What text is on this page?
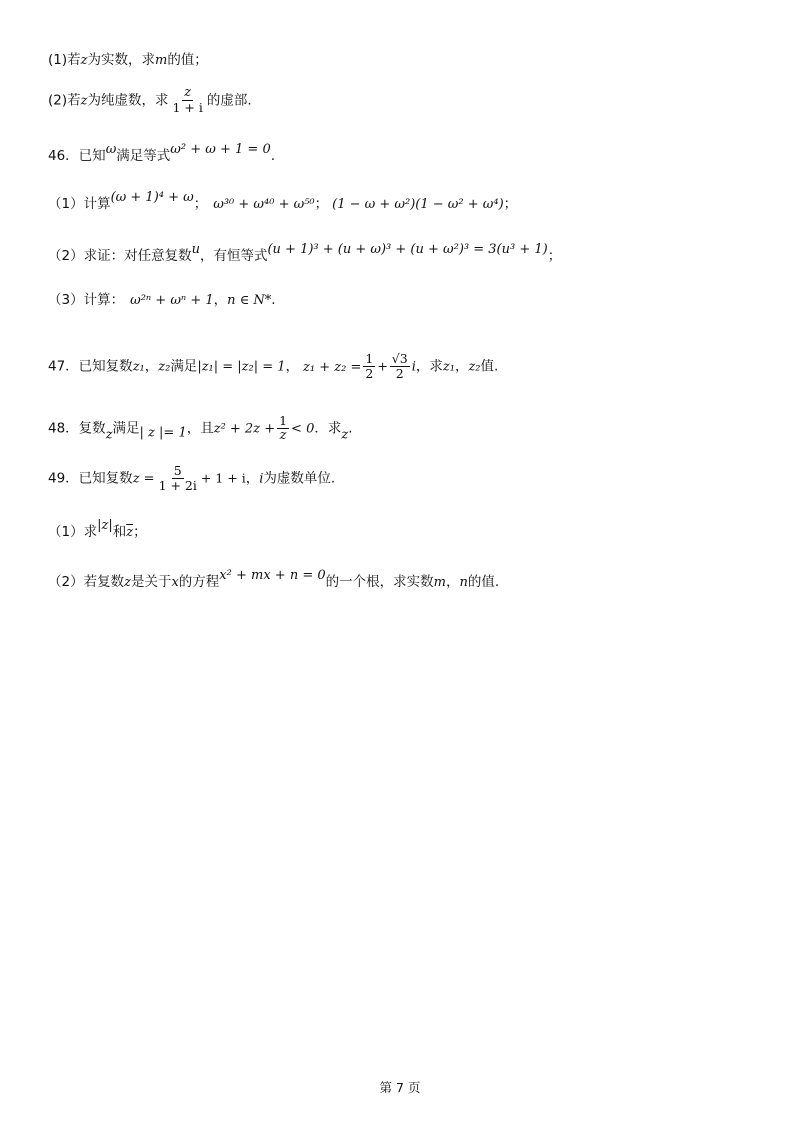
(1)若z为实数，求m的值；
(2)若z为纯虚数，求 $\frac{z}{1 + i}$ 的虚部.
46．已知ω满足等式ω² + ω + 1 = 0.
（1）计算(ω + 1)⁴ + ω； ω³⁰ + ω⁴⁰ + ω⁵⁰； (1 − ω + ω²)(1 − ω² + ω⁴)；
（2）求证：对任意复数u，有恒等式(u + 1)³ + (u + ω)³ + (u + ω²)³ = 3(u³ + 1)；
（3）计算： ω²ⁿ + ωⁿ + 1，n ∈ N*.
47．已知复数z₁，z₂满足|z₁| = |z₂| = 1， $z_1 + z_2 = \frac{1}{2} + \frac{√3}{2}$ i，求z₁，z₂值.
48．复数z满足| z |= 1，且$z^2 + 2z + \frac{1}{z} < 0$．求z.
49．已知复数$z = \frac{5}{1 + 2i} + 1 + i$，i为虚数单位.
（1）求|z|和$\overline{z}$；
（2）若复数z是关于x的方程x² + mx + n = 0的一个根，求实数m，n的值.
第 7 页
